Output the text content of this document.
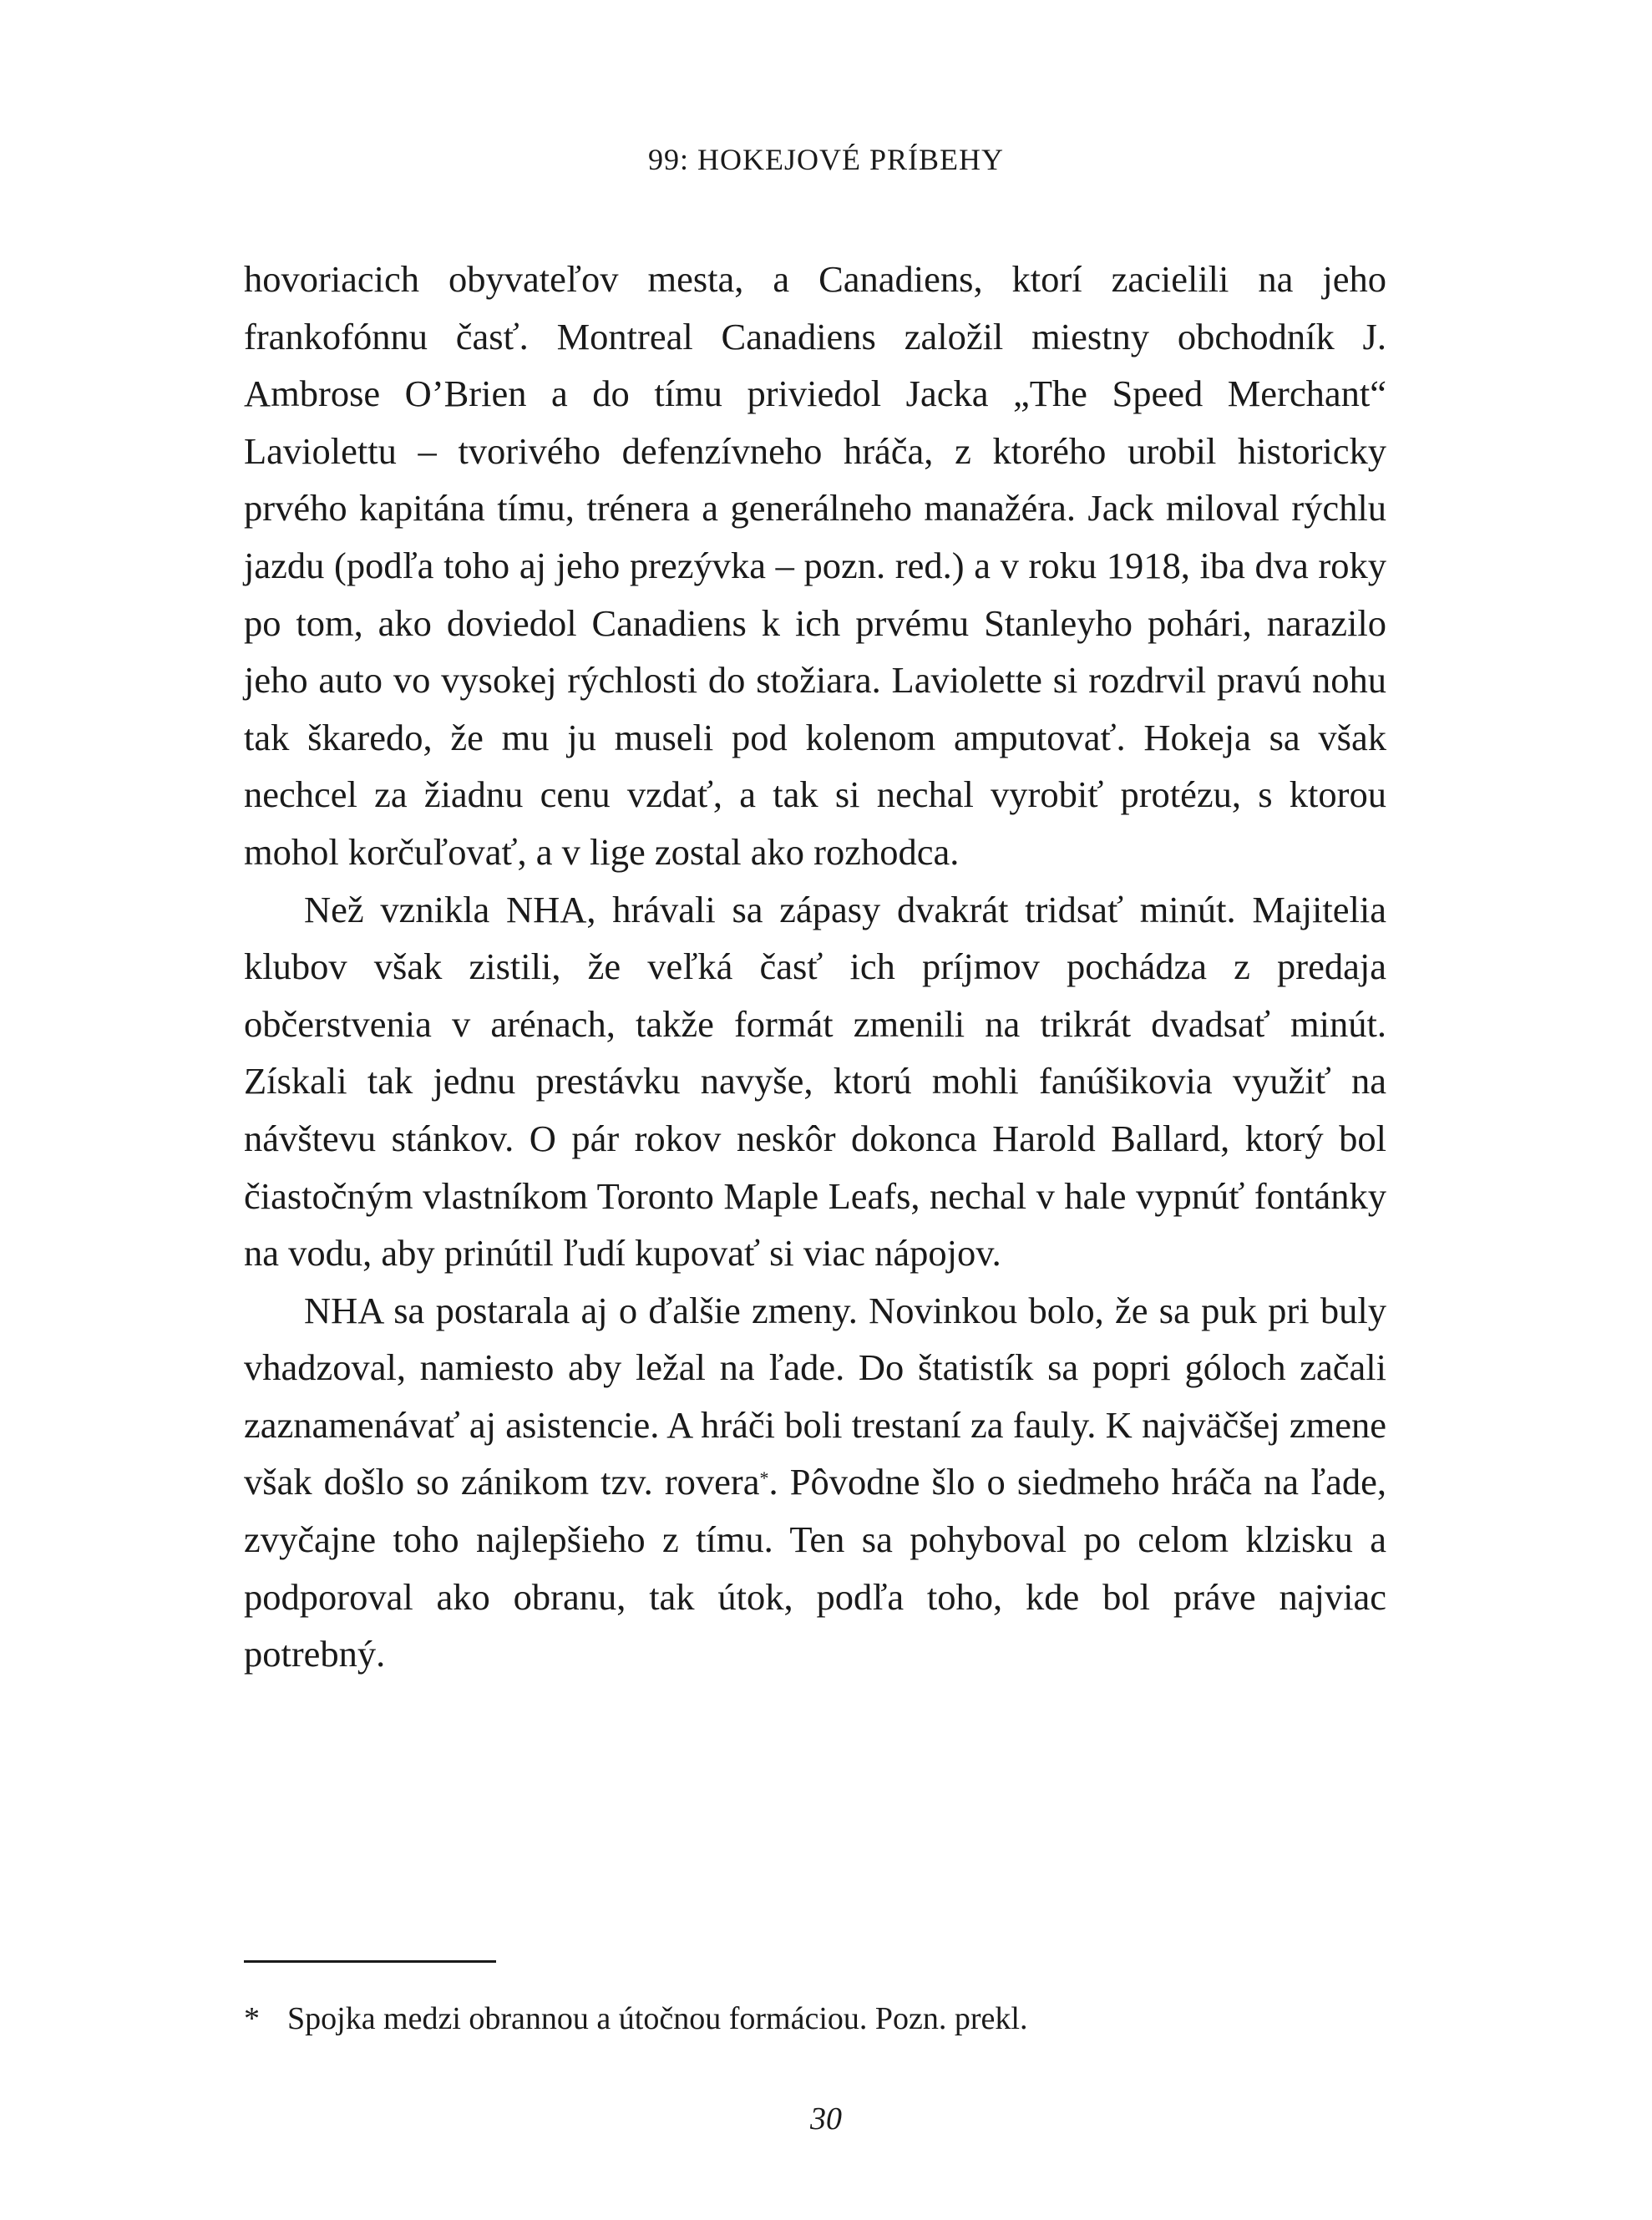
99: HOKEJOVÉ PRÍBEHY

hovoriacich obyvateľov mesta, a Canadiens, ktorí zacielili na jeho frankofónnu časť. Montreal Canadiens založil miestny obchodník J. Ambrose O’Brien a do tímu priviedol Jacka „The Speed Merchant“ Laviolettu – tvorivého defenzívneho hráča, z ktorého urobil historicky prvého kapitána tímu, trénera a generálneho manažéra. Jack miloval rýchlu jazdu (podľa toho aj jeho prezývka – pozn. red.) a v roku 1918, iba dva roky po tom, ako doviedol Canadiens k ich prvému Stanleyho pohári, narazilo jeho auto vo vysokej rýchlosti do stožiara. Laviolette si rozdrvil pravú nohu tak škaredo, že mu ju museli pod kolenom amputovať. Hokeja sa však nechcel za žiadnu cenu vzdať, a tak si nechal vyrobiť protézu, s ktorou mohol korčuľovať, a v lige zostal ako rozhodca.

Než vznikla NHA, hrávali sa zápasy dvakrát tridsať minút. Majitelia klubov však zistili, že veľká časť ich príjmov pochádza z predaja občerstvenia v arénach, takže formát zmenili na trikrát dvadsať minút. Získali tak jednu prestávku navyše, ktorú mohli fanúšikovia využiť na návštevu stánkov. O pár rokov neskôr dokonca Harold Ballard, ktorý bol čiastočným vlastníkom Toronto Maple Leafs, nechal v hale vypnúť fontánky na vodu, aby prinútil ľudí kupovať si viac nápojov.

NHA sa postarala aj o ďalšie zmeny. Novinkou bolo, že sa puk pri buly vhadzoval, namiesto aby ležal na ľade. Do štatistík sa popri góloch začali zaznamenávať aj asistencie. A hráči boli trestaní za fauly. K najväčšej zmene však došlo so zánikom tzv. rovera*. Pôvodne šlo o siedmeho hráča na ľade, zvyčajne toho najlepšieho z tímu. Ten sa pohyboval po celom klzisku a podporoval ako obranu, tak útok, podľa toho, kde bol práve najviac potrebný.

* Spojka medzi obrannou a útočnou formáciou. Pozn. prekl.
30
